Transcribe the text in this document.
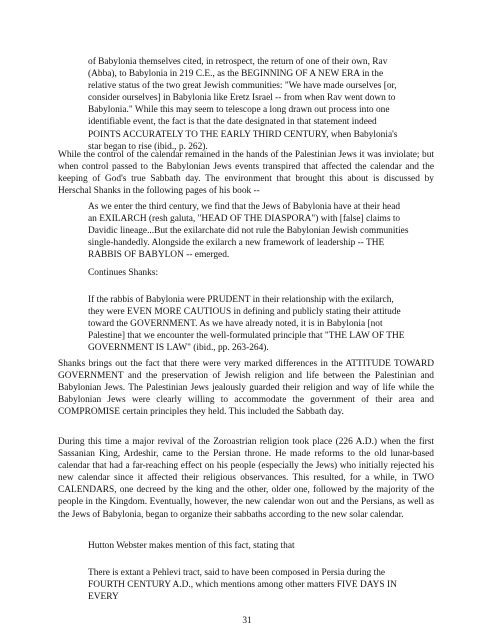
of Babylonia themselves cited, in retrospect, the return of one of their own, Rav (Abba), to Babylonia in 219 C.E., as the BEGINNING OF A NEW ERA in the relative status of the two great Jewish communities: "We have made ourselves [or, consider ourselves] in Babylonia like Eretz Israel -- from when Rav went down to Babylonia." While this may seem to telescope a long drawn out process into one identifiable event, the fact is that the date designated in that statement indeed POINTS ACCURATELY TO THE EARLY THIRD CENTURY, when Babylonia's star began to rise (ibid., p. 262).

While the control of the calendar remained in the hands of the Palestinian Jews it was inviolate; but when control passed to the Babylonian Jews events transpired that affected the calendar and the keeping of God's true Sabbath day. The environment that brought this about is discussed by Herschal Shanks in the following pages of his book --

As we enter the third century, we find that the Jews of Babylonia have at their head an EXILARCH (resh galuta, "HEAD OF THE DIASPORA") with [false] claims to Davidic lineage...But the exilarchate did not rule the Babylonian Jewish communities single-handedly. Alongside the exilarch a new framework of leadership -- THE RABBIS OF BABYLON -- emerged.

Continues Shanks:

If the rabbis of Babylonia were PRUDENT in their relationship with the exilarch, they were EVEN MORE CAUTIOUS in defining and publicly stating their attitude toward the GOVERNMENT. As we have already noted, it is in Babylonia [not Palestine] that we encounter the well-formulated principle that "THE LAW OF THE GOVERNMENT IS LAW" (ibid., pp. 263-264).

Shanks brings out the fact that there were very marked differences in the ATTITUDE TOWARD GOVERNMENT and the preservation of Jewish religion and life between the Palestinian and Babylonian Jews. The Palestinian Jews jealously guarded their religion and way of life while the Babylonian Jews were clearly willing to accommodate the government of their area and COMPROMISE certain principles they held. This included the Sabbath day.

During this time a major revival of the Zoroastrian religion took place (226 A.D.) when the first Sassanian King, Ardeshir, came to the Persian throne. He made reforms to the old lunar-based calendar that had a far-reaching effect on his people (especially the Jews) who initially rejected his new calendar since it affected their religious observances. This resulted, for a while, in TWO CALENDARS, one decreed by the king and the other, older one, followed by the majority of the people in the Kingdom. Eventually, however, the new calendar won out and the Persians, as well as the Jews of Babylonia, began to organize their sabbaths according to the new solar calendar.

Hutton Webster makes mention of this fact, stating that

There is extant a Pehlevi tract, said to have been composed in Persia during the FOURTH CENTURY A.D., which mentions among other matters FIVE DAYS IN EVERY

31
